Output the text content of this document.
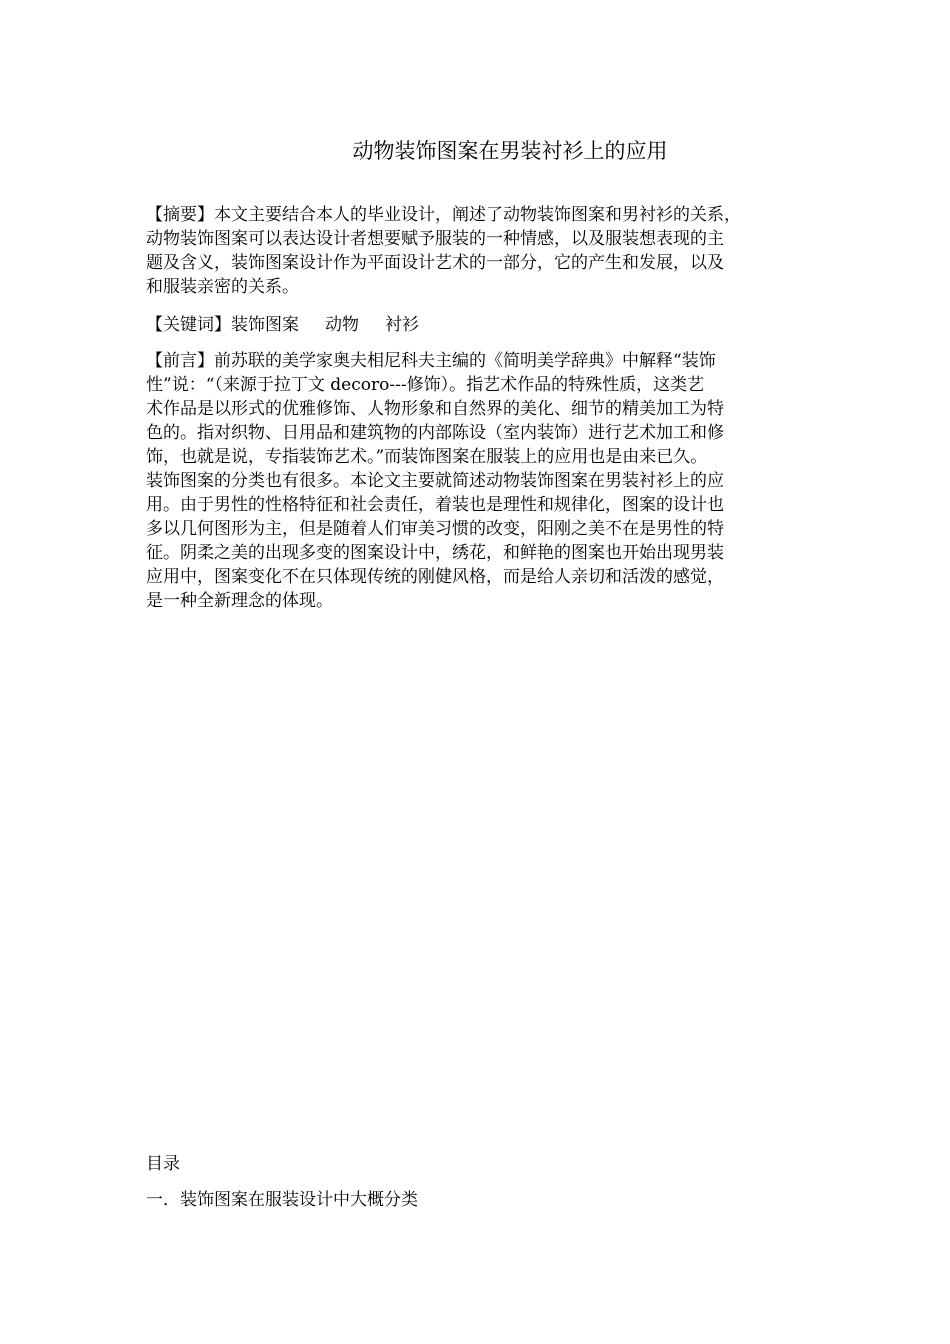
动物装饰图案在男装衬衫上的应用
【摘要】本文主要结合本人的毕业设计，阐述了动物装饰图案和男衬衫的关系，
动物装饰图案可以表达设计者想要赋予服装的一种情感，以及服装想表现的主
题及含义，装饰图案设计作为平面设计艺术的一部分，它的产生和发展，以及
和服装亲密的关系。
【关键词】装饰图案 动物 衬衫
【前言】前苏联的美学家奥夫相尼科夫主编的《简明美学辞典》中解释“装饰
性”说：“（来源于拉丁文 decoro---修饰）。指艺术作品的特殊性质，这类艺
术作品是以形式的优雅修饰、人物形象和自然界的美化、细节的精美加工为特
色的。指对织物、日用品和建筑物的内部陈设（室内装饰）进行艺术加工和修
饰，也就是说，专指装饰艺术。”而装饰图案在服装上的应用也是由来已久。
装饰图案的分类也有很多。本论文主要就简述动物装饰图案在男装衬衫上的应
用。由于男性的性格特征和社会责任，着装也是理性和规律化，图案的设计也
多以几何图形为主，但是随着人们审美习惯的改变，阳刚之美不在是男性的特
征。阴柔之美的出现多变的图案设计中，绣花，和鲜艳的图案也开始出现男装
应用中，图案变化不在只体现传统的刚健风格，而是给人亲切和活泼的感觉，
是一种全新理念的体现。
目录
一．装饰图案在服装设计中大概分类
